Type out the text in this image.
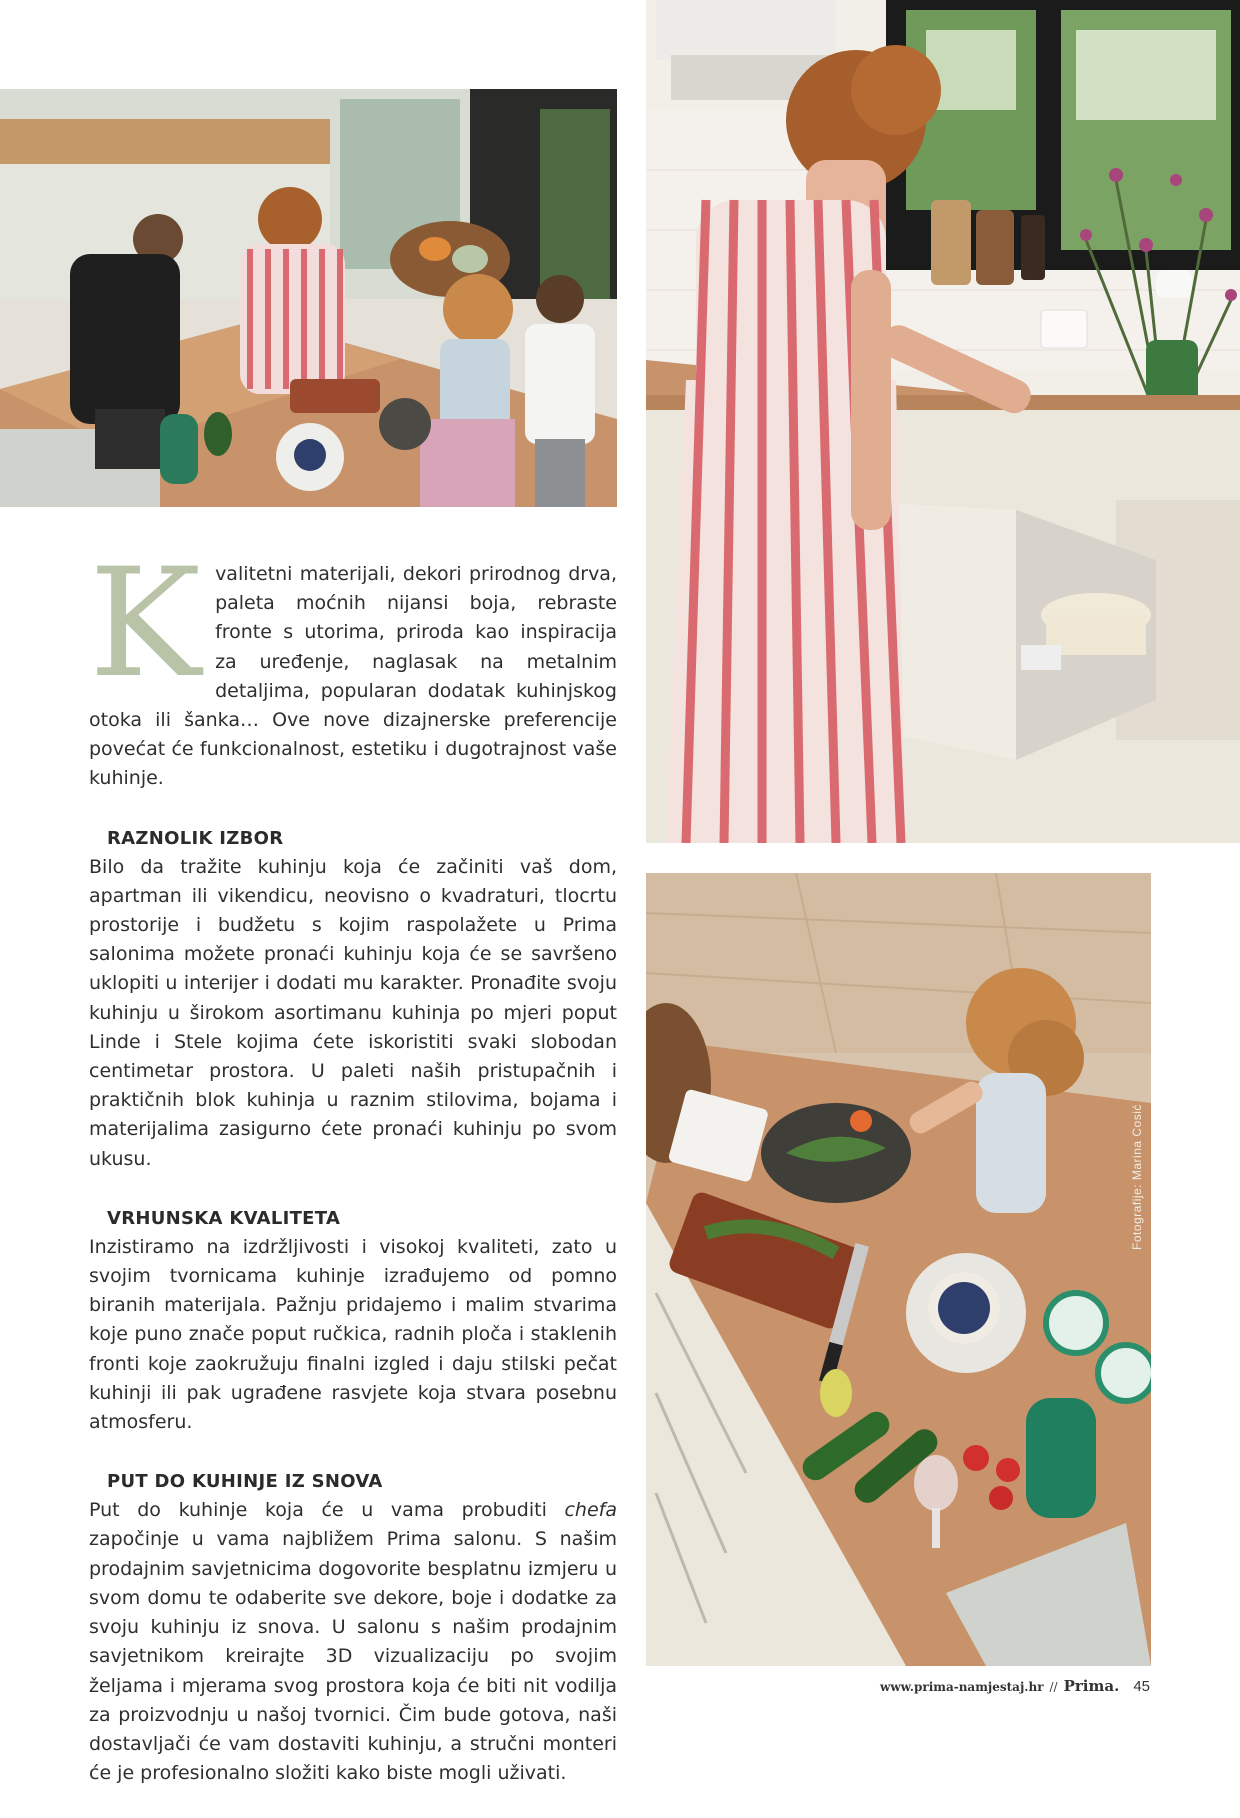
Fotografije: Marina Cosić
K valitetni materijali, dekori prirodnog drva, paleta moćnih nijansi boja, rebraste fronte s utorima, priroda kao inspiracija za uređenje, naglasak na metalnim detaljima, popularan dodatak kuhinjskog otoka ili šanka… Ove nove dizajnerske preferencije povećat će funkcionalnost, estetiku i dugotrajnost vaše kuhinje.

RAZNOLIK IZBOR

Bilo da tražite kuhinju koja će začiniti vaš dom, apartman ili vikendicu, neovisno o kvadraturi, tlocrtu prostorije i budžetu s kojim raspolažete u Prima salonima možete pronaći kuhinju koja će se savršeno uklopiti u interijer i dodati mu karakter. Pronađite svoju kuhinju u širokom asortimanu kuhinja po mjeri poput Linde i Stele kojima ćete iskoristiti svaki slobodan centimetar prostora. U paleti naših pristupačnih i praktičnih blok kuhinja u raznim stilovima, bojama i materijalima zasigurno ćete pronaći kuhinju po svom ukusu.

VRHUNSKA KVALITETA

Inzistiramo na izdržljivosti i visokoj kvaliteti, zato u svojim tvornicama kuhinje izrađujemo od pomno biranih materijala. Pažnju pridajemo i malim stvarima koje puno znače poput ručkica, radnih ploča i staklenih fronti koje zaokružuju finalni izgled i daju stilski pečat kuhinji ili pak ugrađene rasvjete koja stvara posebnu atmosferu.

PUT DO KUHINJE IZ SNOVA

Put do kuhinje koja će u vama probuditi chefa započinje u vama najbližem Prima salonu. S našim prodajnim savjetnicima dogovorite besplatnu izmjeru u svom domu te odaberite sve dekore, boje i dodatke za svoju kuhinju iz snova. U salonu s našim prodajnim savjetnikom kreirajte 3D vizualizaciju po svojim željama i mjerama svog prostora koja će biti nit vodilja za proizvodnju u našoj tvornici. Čim bude gotova, naši dostavljači će vam dostaviti kuhinju, a stručni monteri će je profesionalno složiti kako biste mogli uživati.

www.prima-namjestaj.hr // Prima. 45
